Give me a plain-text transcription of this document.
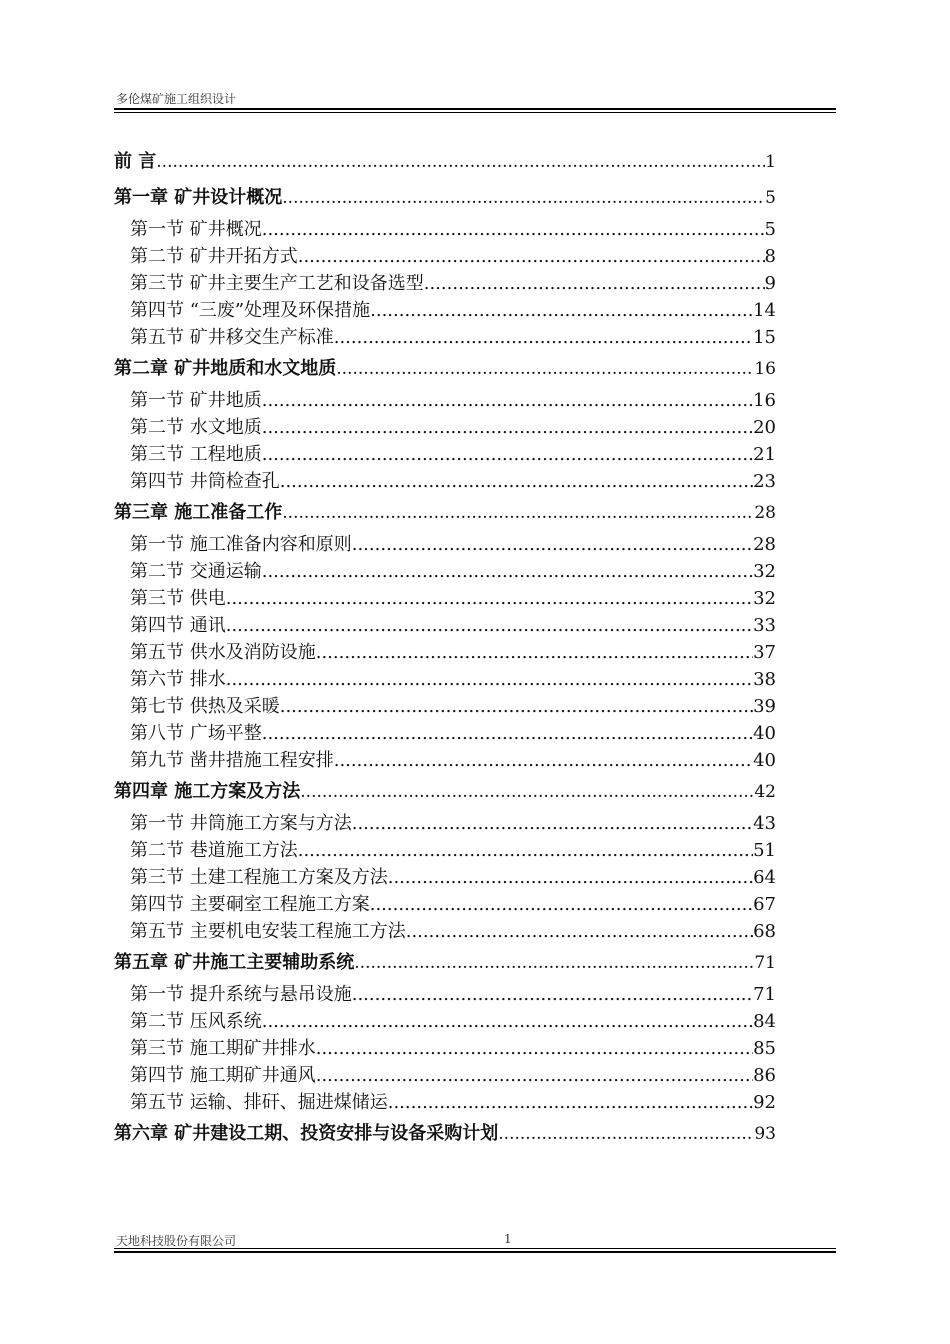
多伦煤矿施工组织设计
前 言 .....	1
第一章 矿井设计概况 .....	5
第一节 矿井概况 .....	5
第二节 矿井开拓方式 .....	8
第三节 矿井主要生产工艺和设备选型 .....	9
第四节 “三废”处理及环保措施 .....	14
第五节 矿井移交生产标准 .....	15
第二章 矿井地质和水文地质 .....	16
第一节 矿井地质 .....	16
第二节 水文地质 .....	20
第三节 工程地质 .....	21
第四节 井筒检查孔 .....	23
第三章 施工准备工作 .....	28
第一节 施工准备内容和原则 .....	28
第二节 交通运输 .....	32
第三节 供电 .....	32
第四节 通讯 .....	33
第五节 供水及消防设施 .....	37
第六节 排水 .....	38
第七节 供热及采暖 .....	39
第八节 广场平整 .....	40
第九节 凿井措施工程安排 .....	40
第四章 施工方案及方法 .....	42
第一节 井筒施工方案与方法 .....	43
第二节 巷道施工方法 .....	51
第三节 土建工程施工方案及方法 .....	64
第四节 主要硐室工程施工方案 .....	67
第五节 主要机电安装工程施工方法 .....	68
第五章 矿井施工主要辅助系统 .....	71
第一节 提升系统与悬吊设施 .....	71
第二节 压风系统 .....	84
第三节 施工期矿井排水 .....	85
第四节 施工期矿井通风 .....	86
第五节 运输、排矸、掘进煤储运 .....	92
第六章 矿井建设工期、投资安排与设备采购计划 .....	93
天地科技股份有限公司	1
